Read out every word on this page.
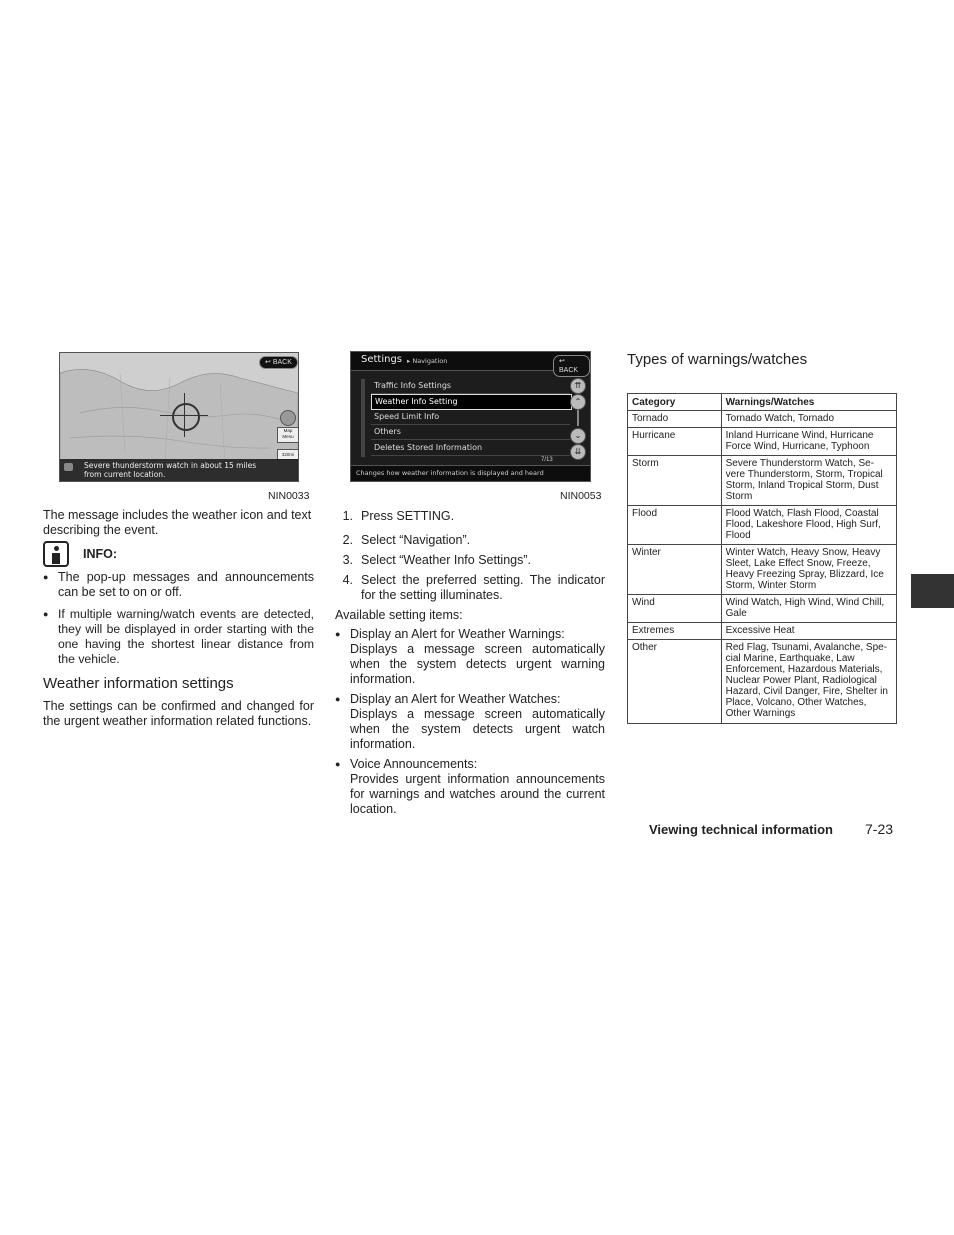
↩ BACK
Map Menu
320mi
Severe thunderstorm watch in about 15 miles
from current location.
NIN0033
Settings ▸ Navigation	↩ BACK
Traffic Info Settings
Weather Info Setting
Speed Limit Info
Others
Deletes Stored Information
⇈
⌃
⌄
⇊
7/13
Changes how weather information is displayed and heard
NIN0053
The message includes the weather icon and text describing the event.
INFO:
● The pop-up messages and announcements can be set to on or off.
● If multiple warning/watch events are detected, they will be displayed in order starting with the one having the shortest linear distance from the vehicle.
Weather information settings
The settings can be confirmed and changed for the urgent weather information related functions.
1. Press SETTING.
2. Select “Navigation”.
3. Select “Weather Info Settings”.
4. Select the preferred setting. The indicator for the setting illuminates.
Available setting items:
● Display an Alert for Weather Warnings:
Displays a message screen automatically when the system detects urgent warning information.
● Display an Alert for Weather Watches:
Displays a message screen automatically when the system detects urgent watch information.
● Voice Announcements:
Provides urgent information announcements for warnings and watches around the current location.
Types of warnings/watches
Category	Warnings/Watches
Tornado	Tornado Watch, Tornado
Hurricane	Inland Hurricane Wind, Hurricane Force Wind, Hurricane, Typhoon
Storm	Severe Thunderstorm Watch, Se- vere Thunderstorm, Storm, Tropical Storm, Inland Tropical Storm, Dust Storm
Flood	Flood Watch, Flash Flood, Coastal Flood, Lakeshore Flood, High Surf, Flood
Winter	Winter Watch, Heavy Snow, Heavy Sleet, Lake Effect Snow, Freeze, Heavy Freezing Spray, Blizzard, Ice Storm, Winter Storm
Wind	Wind Watch, High Wind, Wind Chill, Gale
Extremes	Excessive Heat
Other	Red Flag, Tsunami, Avalanche, Spe- cial Marine, Earthquake, Law Enforcement, Hazardous Materials, Nuclear Power Plant, Radiological Hazard, Civil Danger, Fire, Shelter in Place, Volcano, Other Watches, Other Warnings
Viewing technical information 7-23
